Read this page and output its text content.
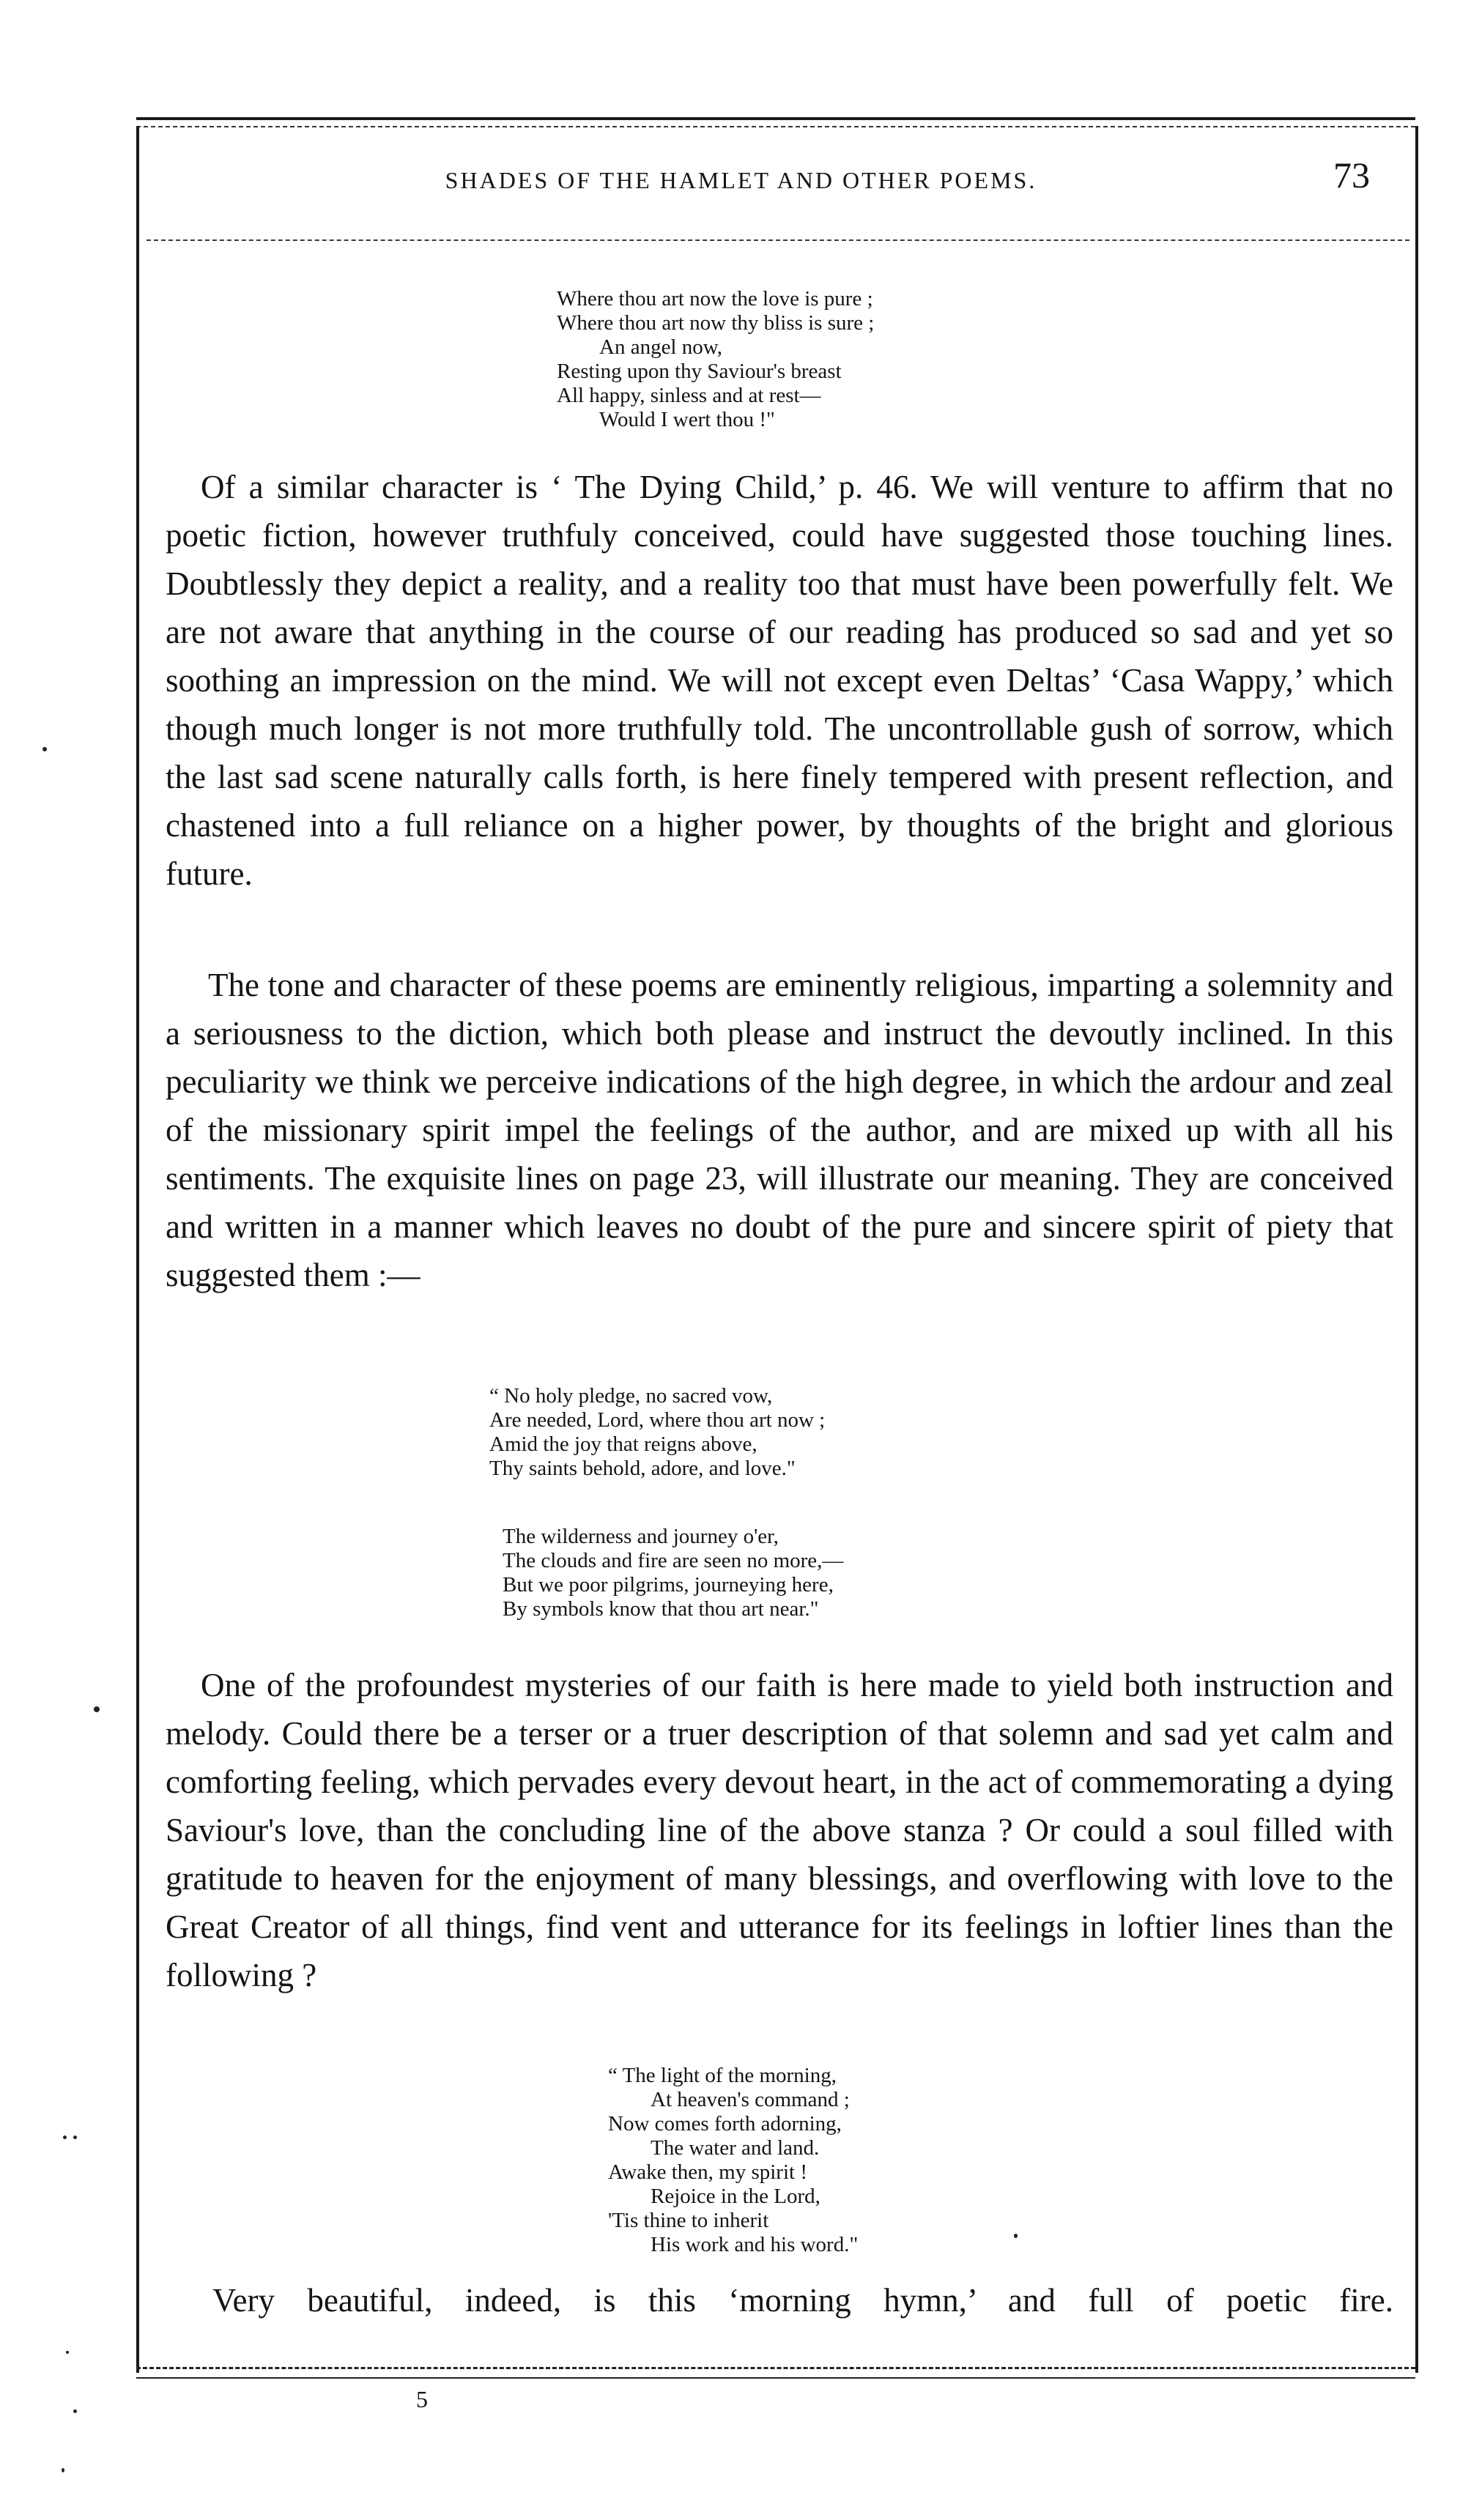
SHADES OF THE HAMLET AND OTHER POEMS.	73
Where thou art now the love is pure ;
Where thou art now thy bliss is sure ;
An angel now,
Resting upon thy Saviour's breast
All happy, sinless and at rest—
Would I wert thou !"

Of a similar character is ‘ The Dying Child,’ p. 46. We will venture to affirm that no poetic fiction, however truthfuly conceived, could have suggested those touching lines. Doubtlessly they depict a reality, and a reality too that must have been powerfully felt. We are not aware that anything in the course of our reading has produced so sad and yet so soothing an impression on the mind. We will not except even Deltas’ ‘Casa Wappy,’ which though much longer is not more truthfully told. The uncontrollable gush of sorrow, which the last sad scene naturally calls forth, is here finely tempered with present reflection, and chastened into a full reliance on a higher power, by thoughts of the bright and glorious future.

The tone and character of these poems are eminently religious, imparting a solemnity and a seriousness to the diction, which both please and instruct the devoutly inclined. In this peculiarity we think we perceive indications of the high degree, in which the ardour and zeal of the missionary spirit impel the feelings of the author, and are mixed up with all his sentiments. The exquisite lines on page 23, will illustrate our meaning. They are conceived and written in a manner which leaves no doubt of the pure and sincere spirit of piety that suggested them :—

“ No holy pledge, no sacred vow,
Are needed, Lord, where thou art now ;
Amid the joy that reigns above,
Thy saints behold, adore, and love."
The wilderness and journey o'er,
The clouds and fire are seen no more,—
But we poor pilgrims, journeying here,
By symbols know that thou art near."

One of the profoundest mysteries of our faith is here made to yield both instruction and melody. Could there be a terser or a truer description of that solemn and sad yet calm and comforting feeling, which pervades every devout heart, in the act of commemorating a dying Saviour's love, than the concluding line of the above stanza ? Or could a soul filled with gratitude to heaven for the enjoyment of many blessings, and overflowing with love to the Great Creator of all things, find vent and utterance for its feelings in loftier lines than the following ?

“ The light of the morning,
At heaven's command ;
Now comes forth adorning,
The water and land.
Awake then, my spirit !
Rejoice in the Lord,
'Tis thine to inherit
His work and his word."

Very beautiful, indeed, is this ‘morning hymn,’ and full of poetic fire.

5
